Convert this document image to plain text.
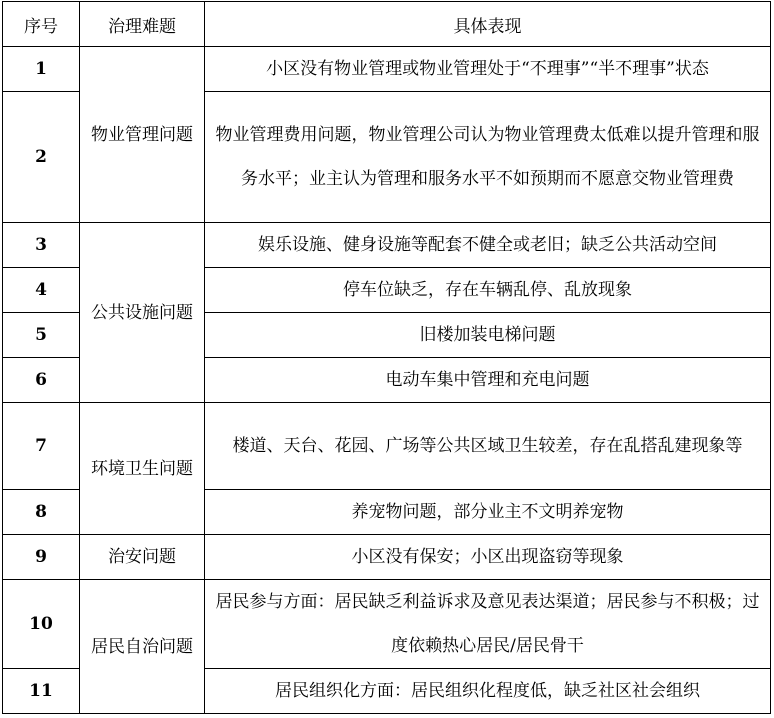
序号	治理难题	具体表现
1	物业管理问题	小区没有物业管理或物业管理处于“不理事”“半不理事”状态
2		物业管理费用问题，物业管理公司认为物业管理费太低难以提升管理和服务水平；业主认为管理和服务水平不如预期而不愿意交物业管理费
3	公共设施问题	娱乐设施、健身设施等配套不健全或老旧；缺乏公共活动空间
4		停车位缺乏，存在车辆乱停、乱放现象
5		旧楼加装电梯问题
6		电动车集中管理和充电问题
7	环境卫生问题	楼道、天台、花园、广场等公共区域卫生较差，存在乱搭乱建现象等
8		养宠物问题，部分业主不文明养宠物
9	治安问题	小区没有保安；小区出现盗窃等现象
10	居民自治问题	居民参与方面：居民缺乏利益诉求及意见表达渠道；居民参与不积极；过度依赖热心居民/居民骨干
11		居民组织化方面：居民组织化程度低，缺乏社区社会组织
